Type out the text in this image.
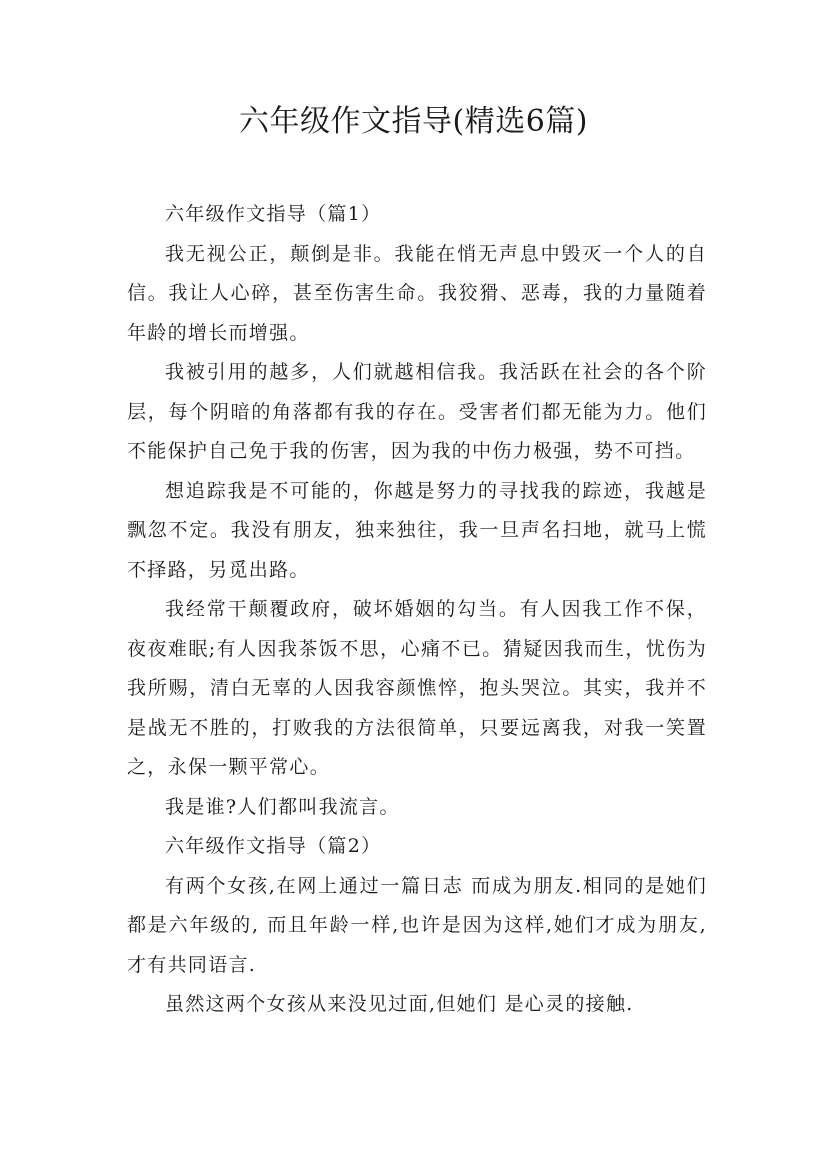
六年级作文指导(精选6篇)

六年级作文指导（篇1）

我无视公正，颠倒是非。我能在悄无声息中毁灭一个人的自信。我让人心碎，甚至伤害生命。我狡猾、恶毒，我的力量随着年龄的增长而增强。

我被引用的越多，人们就越相信我。我活跃在社会的各个阶层，每个阴暗的角落都有我的存在。受害者们都无能为力。他们不能保护自己免于我的伤害，因为我的中伤力极强，势不可挡。

想追踪我是不可能的，你越是努力的寻找我的踪迹，我越是飘忽不定。我没有朋友，独来独往，我一旦声名扫地，就马上慌不择路，另觅出路。

我经常干颠覆政府，破坏婚姻的勾当。有人因我工作不保，夜夜难眠;有人因我茶饭不思，心痛不已。猜疑因我而生，忧伤为我所赐，清白无辜的人因我容颜憔悴，抱头哭泣。其实，我并不是战无不胜的，打败我的方法很简单，只要远离我，对我一笑置之，永保一颗平常心。

我是谁?人们都叫我流言。

六年级作文指导（篇2）

有两个女孩,在网上通过一篇日志 而成为朋友.相同的是她们都是六年级的, 而且年龄一样,也许是因为这样,她们才成为朋友,才有共同语言.

虽然这两个女孩从来没见过面,但她们 是心灵的接触.
